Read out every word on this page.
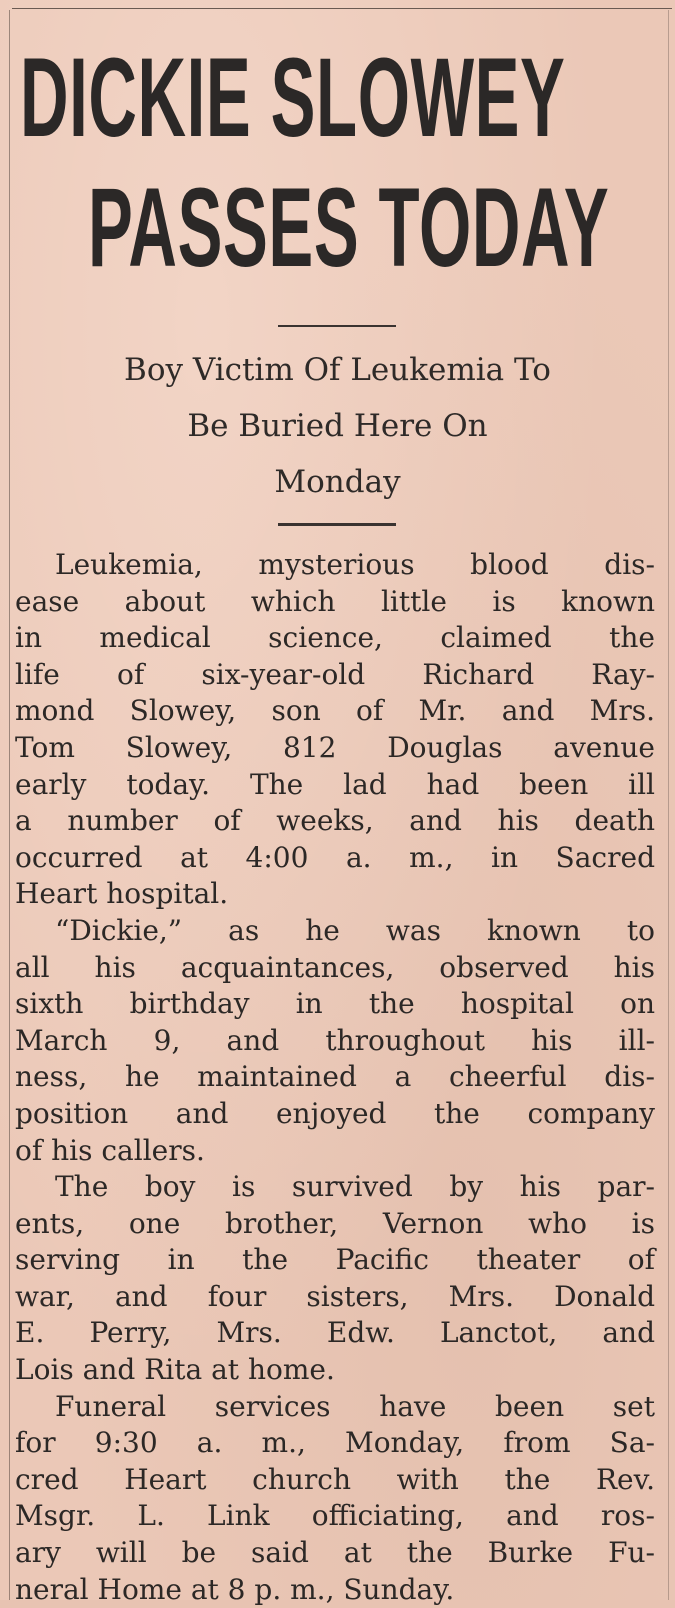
DICKIE SLOWEY
PASSES TODAY
Boy Victim Of Leukemia To
Be Buried Here On
Monday
Leukemia, mysterious blood dis-
ease about which little is known
in medical science, claimed the
life of six-year-old Richard Ray-
mond Slowey, son of Mr. and Mrs.
Tom Slowey, 812 Douglas avenue
early today. The lad had been ill
a number of weeks, and his death
occurred at 4:00 a. m., in Sacred
Heart hospital.
“Dickie,” as he was known to
all his acquaintances, observed his
sixth birthday in the hospital on
March 9, and throughout his ill-
ness, he maintained a cheerful dis-
position and enjoyed the company
of his callers.
The boy is survived by his par-
ents, one brother, Vernon who is
serving in the Pacific theater of
war, and four sisters, Mrs. Donald
E. Perry, Mrs. Edw. Lanctot, and
Lois and Rita at home.
Funeral services have been set
for 9:30 a. m., Monday, from Sa-
cred Heart church with the Rev.
Msgr. L. Link officiating, and ros-
ary will be said at the Burke Fu-
neral Home at 8 p. m., Sunday.
